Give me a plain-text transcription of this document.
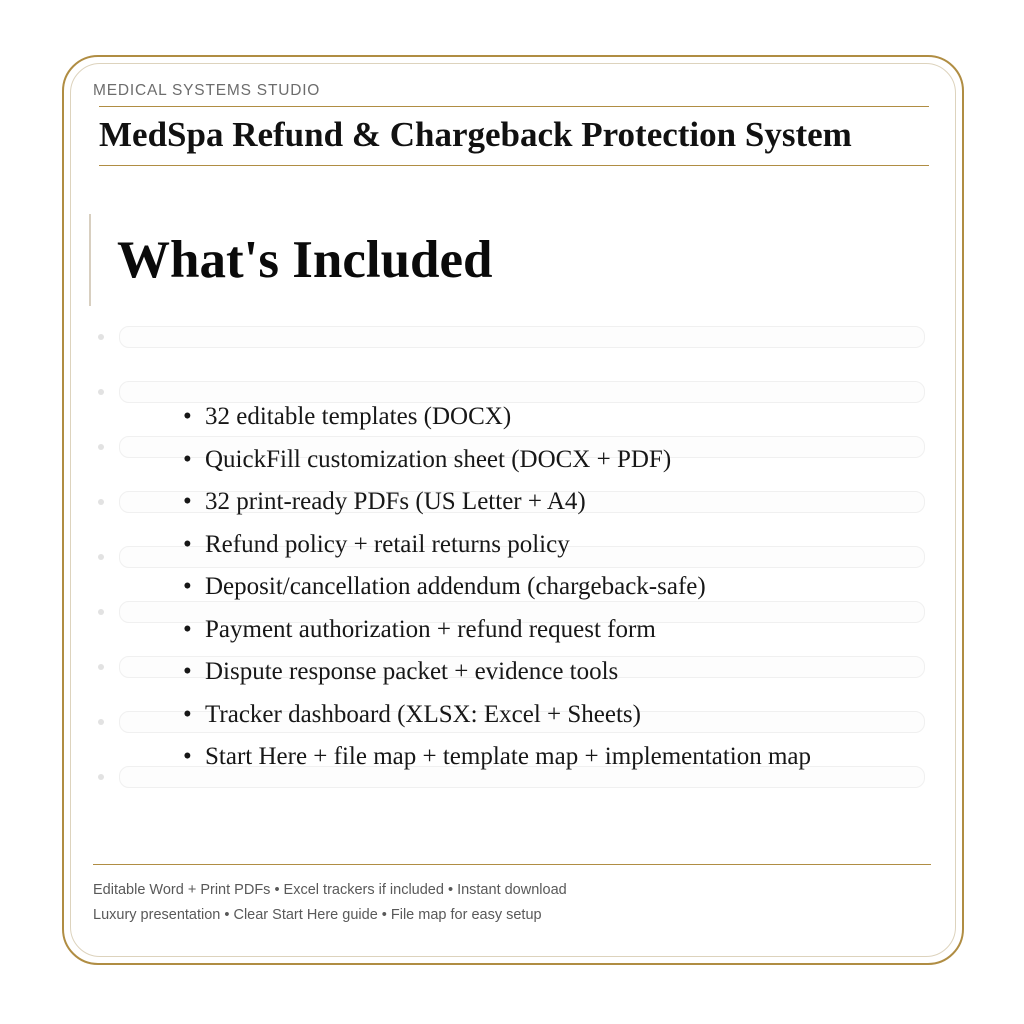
MEDICAL SYSTEMS STUDIO
MedSpa Refund & Chargeback Protection System
What's Included
• 32 editable templates (DOCX)
• QuickFill customization sheet (DOCX + PDF)
• 32 print-ready PDFs (US Letter + A4)
• Refund policy + retail returns policy
• Deposit/cancellation addendum (chargeback-safe)
• Payment authorization + refund request form
• Dispute response packet + evidence tools
• Tracker dashboard (XLSX: Excel + Sheets)
• Start Here + file map + template map + implementation map
Editable Word + Print PDFs • Excel trackers if included • Instant download
Luxury presentation • Clear Start Here guide • File map for easy setup
